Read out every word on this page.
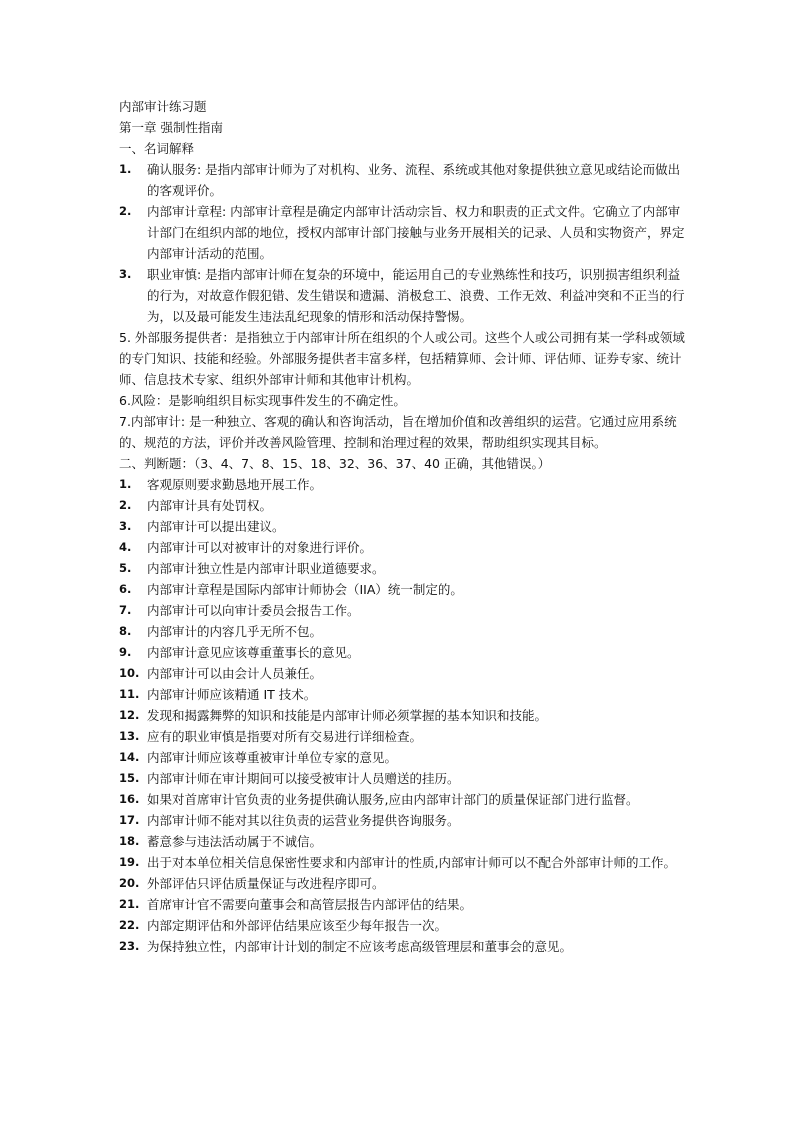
内部审计练习题
第一章 强制性指南
一、名词解释
1.	确认服务: 是指内部审计师为了对机构、业务、流程、系统或其他对象提供独立意见或结论而做出的客观评价。
2.	内部审计章程: 内部审计章程是确定内部审计活动宗旨、权力和职责的正式文件。它确立了内部审计部门在组织内部的地位，授权内部审计部门接触与业务开展相关的记录、人员和实物资产，界定内部审计活动的范围。
3.	职业审慎: 是指内部审计师在复杂的环境中，能运用自己的专业熟练性和技巧，识别损害组织利益的行为，对故意作假犯错、发生错误和遗漏、消极怠工、浪费、工作无效、利益冲突和不正当的行为，以及最可能发生违法乱纪现象的情形和活动保持警惕。
5. 外部服务提供者：是指独立于内部审计所在组织的个人或公司。这些个人或公司拥有某一学科或领域的专门知识、技能和经验。外部服务提供者丰富多样，包括精算师、会计师、评估师、证券专家、统计师、信息技术专家、组织外部审计师和其他审计机构。
6.风险：是影响组织目标实现事件发生的不确定性。
7.内部审计: 是一种独立、客观的确认和咨询活动，旨在增加价值和改善组织的运营。它通过应用系统的、规范的方法，评价并改善风险管理、控制和治理过程的效果，帮助组织实现其目标。
二、判断题：（3、4、7、8、15、18、32、36、37、40 正确，其他错误。）
1.	客观原则要求勤恳地开展工作。
2.	内部审计具有处罚权。
3.	内部审计可以提出建议。
4.	内部审计可以对被审计的对象进行评价。
5.	内部审计独立性是内部审计职业道德要求。
6.	内部审计章程是国际内部审计师协会（IIA）统一制定的。
7.	内部审计可以向审计委员会报告工作。
8.	内部审计的内容几乎无所不包。
9.	内部审计意见应该尊重董事长的意见。
10. 内部审计可以由会计人员兼任。
11. 内部审计师应该精通 IT 技术。
12. 发现和揭露舞弊的知识和技能是内部审计师必须掌握的基本知识和技能。
13. 应有的职业审慎是指要对所有交易进行详细检查。
14. 内部审计师应该尊重被审计单位专家的意见。
15. 内部审计师在审计期间可以接受被审计人员赠送的挂历。
16. 如果对首席审计官负责的业务提供确认服务,应由内部审计部门的质量保证部门进行监督。
17. 内部审计师不能对其以往负责的运营业务提供咨询服务。
18. 蓄意参与违法活动属于不诚信。
19. 出于对本单位相关信息保密性要求和内部审计的性质,内部审计师可以不配合外部审计师的工作。
20. 外部评估只评估质量保证与改进程序即可。
21. 首席审计官不需要向董事会和高管层报告内部评估的结果。
22. 内部定期评估和外部评估结果应该至少每年报告一次。
23. 为保持独立性，内部审计计划的制定不应该考虑高级管理层和董事会的意见。
